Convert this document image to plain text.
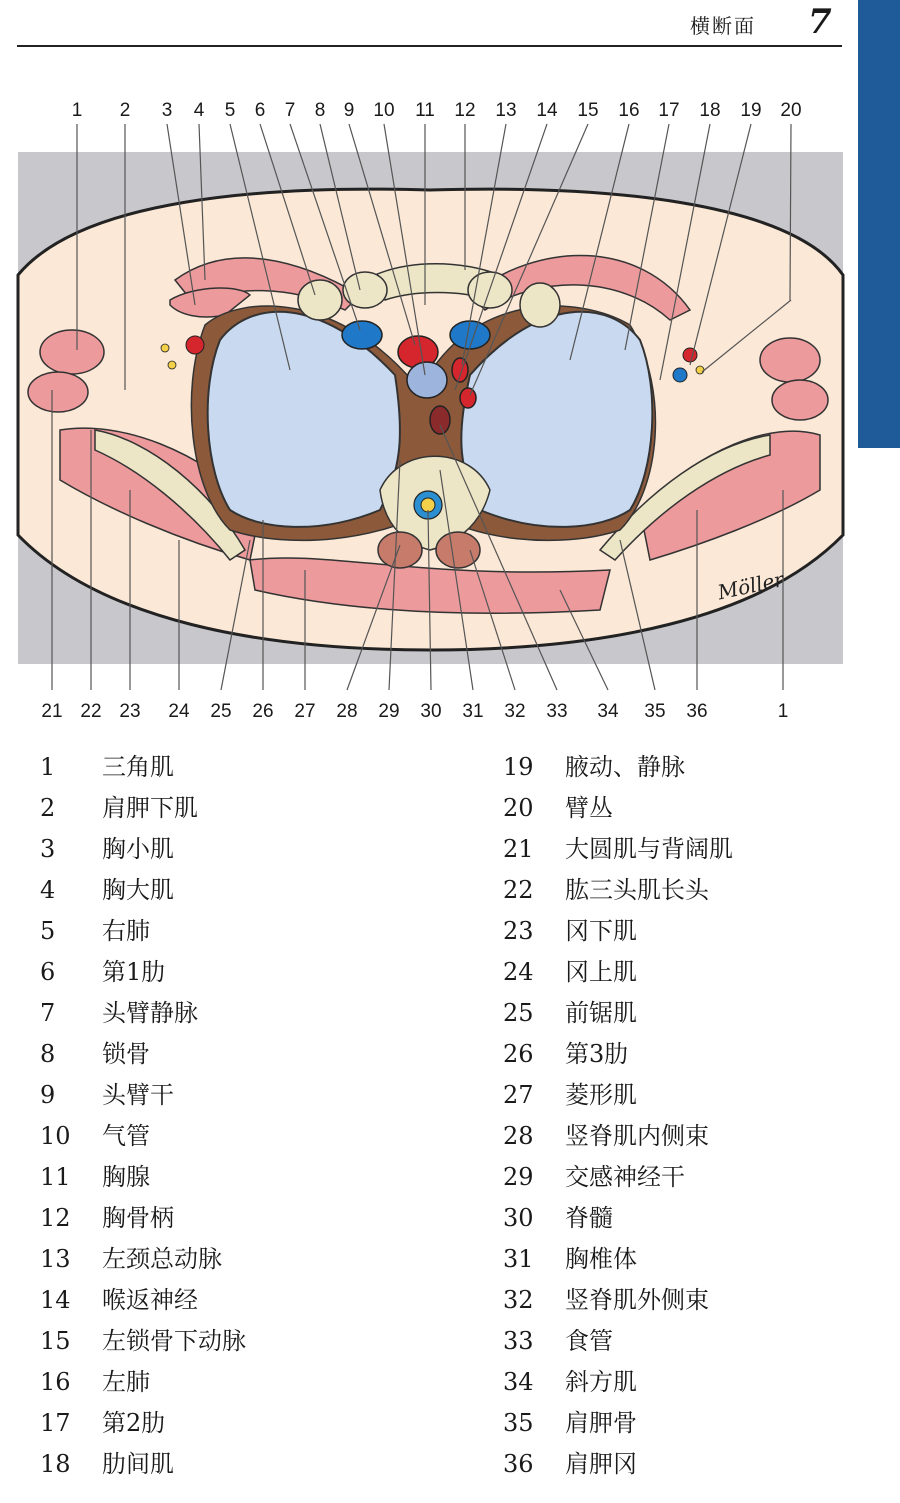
横断面 7
1 2 3 4 5 6 7 8 9 10 11 12 13 14 15 16 17 18 19 20
21 22 23 24 25 26 27 28 29 30 31 32 33 34 35 36	1
Möller
1	三角肌
2	肩胛下肌
3	胸小肌
4	胸大肌
5	右肺
6	第1肋
7	头臂静脉
8	锁骨
9	头臂干
10	气管
11	胸腺
12	胸骨柄
13	左颈总动脉
14	喉返神经
15	左锁骨下动脉
16	左肺
17	第2肋
18	肋间肌
19	腋动、静脉
20	臂丛
21	大圆肌与背阔肌
22	肱三头肌长头
23	冈下肌
24	冈上肌
25	前锯肌
26	第3肋
27	菱形肌
28	竖脊肌内侧束
29	交感神经干
30	脊髓
31	胸椎体
32	竖脊肌外侧束
33	食管
34	斜方肌
35	肩胛骨
36	肩胛冈
